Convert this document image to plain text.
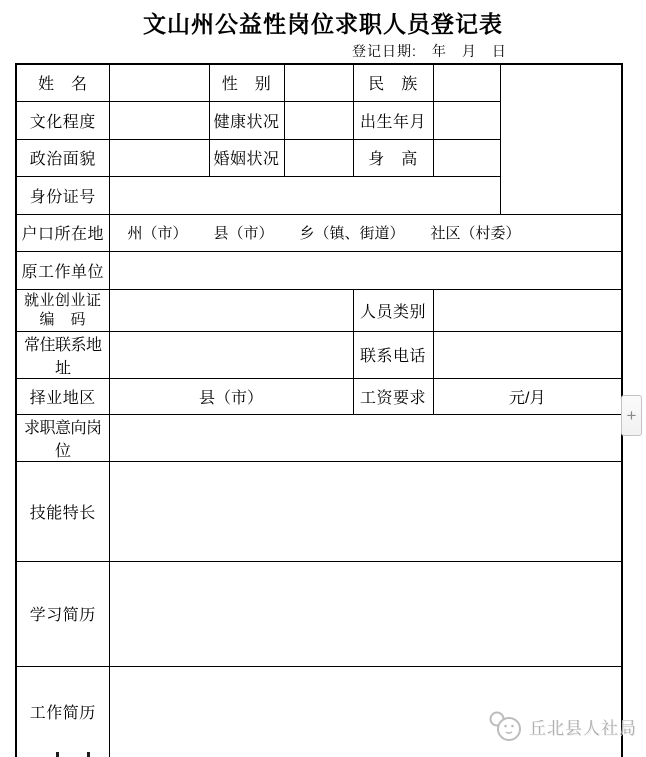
文山州公益性岗位求职人员登记表
登记日期:　年　月　日
姓　名		性　别		民　族		
文化程度		健康状况		出生年月		
政治面貌		婚姻状况		身　高		
身份证号						
户口所在地	州（市） 县（市） 乡（镇、街道） 社区（村委）					

原工作单位						

就业创业证
编　码				人员类别		
常住联系地址				联系电话		
择业地区	县（市）			工资要求	元/月	
求职意向岗位						
技能特长						
学习简历						
工作简历						
+
丘北县人社局
